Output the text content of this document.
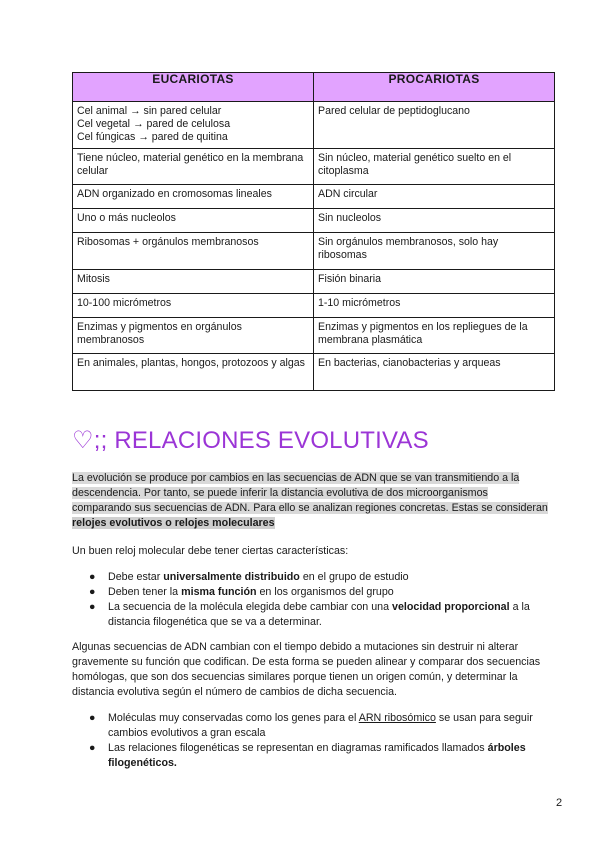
EUCARIOTAS	PROCARIOTAS

Cel animal → sin pared celular
Cel vegetal → pared de celulosa
Cel fúngicas → pared de quitina	Pared celular de peptidoglucano

Tiene núcleo, material genético en la membrana celular	Sin núcleo, material genético suelto en el citoplasma
ADN organizado en cromosomas lineales	ADN circular
Uno o más nucleolos	Sin nucleolos
Ribosomas + orgánulos membranosos	Sin orgánulos membranosos, solo hay ribosomas
Mitosis	Fisión binaria
10-100 micrómetros	1-10 micrómetros
Enzimas y pigmentos en orgánulos membranosos	Enzimas y pigmentos en los repliegues de la membrana plasmática
En animales, plantas, hongos, protozoos y algas	En bacterias, cianobacterias y arqueas
♡;; RELACIONES EVOLUTIVAS

La evolución se produce por cambios en las secuencias de ADN que se van transmitiendo a la descendencia. Por tanto, se puede inferir la distancia evolutiva de dos microorganismos comparando sus secuencias de ADN. Para ello se analizan regiones concretas. Estas se consideran relojes evolutivos o relojes moleculares

Un buen reloj molecular debe tener ciertas características:

● Debe estar universalmente distribuido en el grupo de estudio
● Deben tener la misma función en los organismos del grupo
● La secuencia de la molécula elegida debe cambiar con una velocidad proporcional a la distancia filogenética que se va a determinar.

Algunas secuencias de ADN cambian con el tiempo debido a mutaciones sin destruir ni alterar gravemente su función que codifican. De esta forma se pueden alinear y comparar dos secuencias homólogas, que son dos secuencias similares porque tienen un origen común, y determinar la distancia evolutiva según el número de cambios de dicha secuencia.

● Moléculas muy conservadas como los genes para el ARN ribosómico se usan para seguir cambios evolutivos a gran escala
● Las relaciones filogenéticas se representan en diagramas ramificados llamados árboles filogenéticos.
2
